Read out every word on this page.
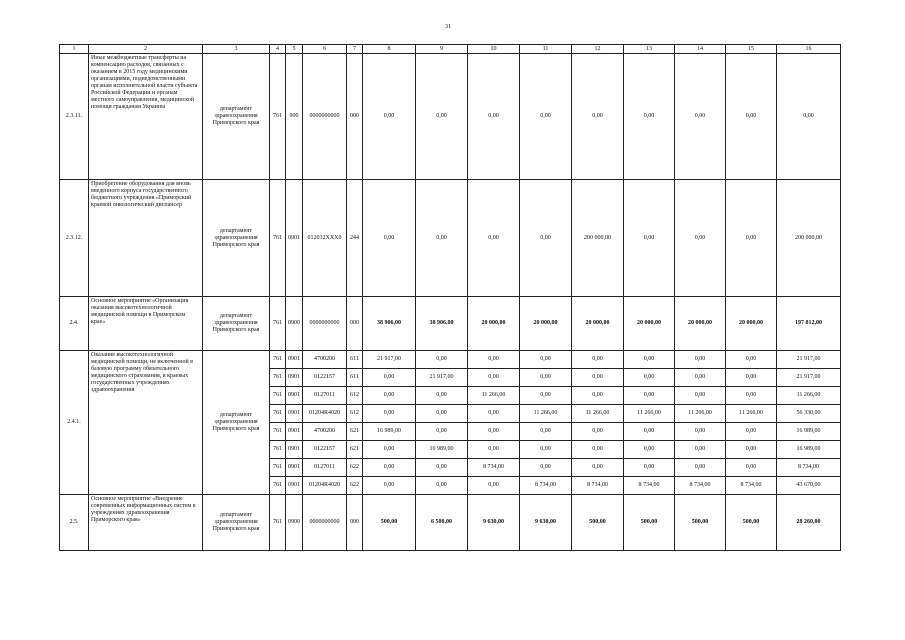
31
1	2	3	4	5	6	7	8	9	10	11	12	13	14	15	16
2.3.11.	Иные межбюджетные трансферты на компенсацию расходов, связанных с оказанием в 2015 году медицинскими организациями, подведомственными органам исполнительной власти субъекта Российской Федерации и органам местного самоуправления, медицинской помощи гражданам Украины	департамент здравоохранения Приморского края	761	900	0000000000	000	0,00	0,00	0,00	0,00	0,00	0,00	0,00	0,00	0,00
2.3.12.	Приобретение оборудования для вновь введенного корпуса государственного бюджетного учреждения «Приморский краевой онкологический диспансер	департамент здравоохранения Приморского края	761	0901	012032XXX0	244	0,00	0,00	0,00	0,00	200 000,00	0,00	0,00	0,00	200 000,00
2.4.	Основное мероприятие «Организация оказания высокотехнологичной медицинской помощи в Приморском крае»	департамент здравоохранения Приморского края	761	0900	0000000000	000	38 906,00	38 906,00	20 000,00	20 000,00	20 000,00	20 000,00	20 000,00	20 000,00	197 812,00
2.4.1.	Оказание высокотехнологичной медицинской помощи, не включенной в базовую программу обязательного медицинского страхования, в краевых государственных учреждениях здравоохранения	департамент здравоохранения Приморского края	761	0901	4700200	611	21 917,00	0,00	0,00	0,00	0,00	0,00	0,00	0,00	21 917,00
			761	0901	0122157	611	0,00	21 917,00	0,00	0,00	0,00	0,00	0,00	0,00	21 917,00
			761	0901	0127011	612	0,00	0,00	11 266,00	0,00	0,00	0,00	0,00	0,00	11 266,00
			761	0901	01204R4020	612	0,00	0,00	0,00	11 266,00	11 266,00	11 266,00	11 266,00	11 266,00	56 330,00
			761	0901	4700200	621	16 989,00	0,00	0,00	0,00	0,00	0,00	0,00	0,00	16 989,00
			761	0901	0122157	621	0,00	16 989,00	0,00	0,00	0,00	0,00	0,00	0,00	16 989,00
			761	0901	0127011	622	0,00	0,00	8 734,00	0,00	0,00	0,00	0,00	0,00	8 734,00
			761	0901	01204R4020	622	0,00	0,00	0,00	8 734,00	8 734,00	8 734,00	8 734,00	8 734,00	43 670,00
2.5.	Основное мероприятие «Внедрение современных информационных систем в учреждениях здравоохранения Приморского края»	департамент здравоохранения Приморского края	761	0900	0000000000	000	500,00	6 500,00	9 630,00	9 630,00	500,00	500,00	500,00	500,00	28 260,00
